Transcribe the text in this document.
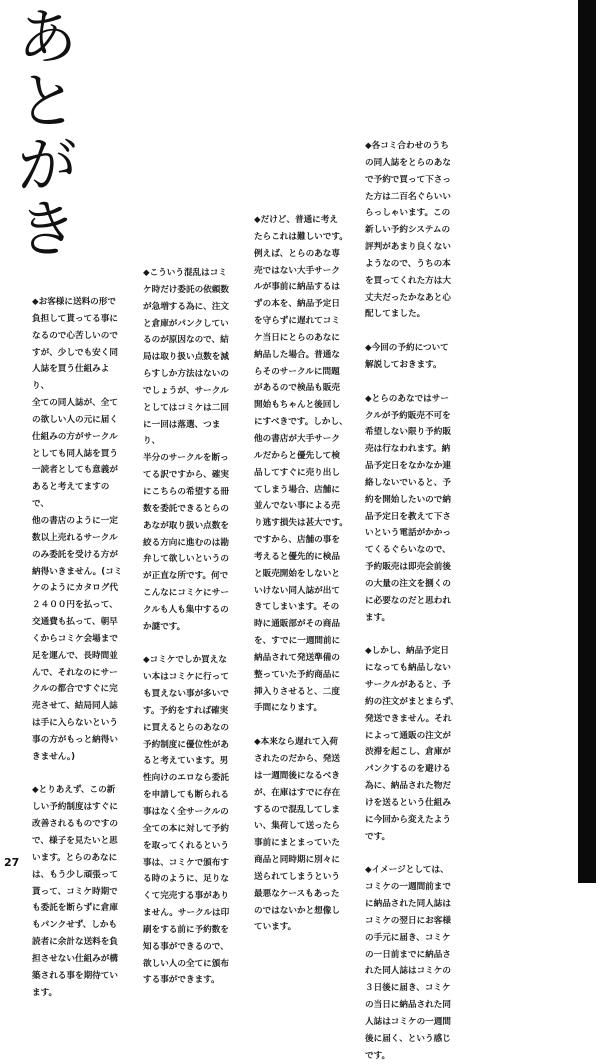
あとがき

◆お客様に送料の形で
負担して貰ってる事に
なるので心苦しいので
すが、少しでも安く同
人誌を買う仕組みより、
全ての同人誌が、全て
の欲しい人の元に届く
仕組みの方がサークル
としても同人誌を買う
一読者としても意義が
あると考えてますので、
他の書店のように一定
数以上売れるサークル
のみ委託を受ける方が
納得いきません。(コミ
ケのようにカタログ代
２４００円を払って、
交通費も払って、朝早
くからコミケ会場まで
足を運んで、長時間並
んで、それなのにサー
クルの都合ですぐに完
売させて、結局同人誌
は手に入らないという
事の方がもっと納得い
きません。)

◆とりあえず、この新
しい予約制度はすぐに
改善されるものですの
で、様子を見たいと思
います。とらのあなに
は、もう少し頑張って
貰って、コミケ時期で
も委託を断らずに倉庫
もパンクせず、しかも
読者に余計な送料を負
担させない仕組みが構
築される事を期待てい
ます。

◆こういう混乱はコミ
ケ時だけ委託の依頼数
が急増する為に、注文
と倉庫がパンクしてい
るのが原因なので、結
局は取り扱い点数を減
らすしか方法はないの
でしょうが、サークル
としてはコミケは二回
に一回は落選、つまり、
半分のサークルを断っ
てる訳ですから、確実
にこちらの希望する冊
数を委託できるとらの
あなが取り扱い点数を
絞る方向に進むのは勘
弁して欲しいというの
が正直な所です。何で
こんなにコミケにサー
クルも人も集中するの
か謎です。

◆コミケでしか買えな
い本はコミケに行って
も買えない事が多いで
す。予約をすれば確実
に買えるとらのあなの
予約制度に優位性があ
ると考えています。男
性向けのエロなら委託
を申請しても断られる
事はなく全サークルの
全ての本に対して予約
を取ってくれるという
事は、コミケで頒布す
る時のように、足りな
くて完売する事があり
ません。サークルは印
刷をする前に予約数を
知る事ができるので、
欲しい人の全てに頒布
する事ができます。

◆だけど、普通に考え
たらこれは難しいです。
例えば、とらのあな専
売ではない大手サーク
ルが事前に納品するは
ずの本を、納品予定日
を守らずに遅れてコミ
ケ当日にとらのあなに
納品した場合。普通な
らそのサークルに問題
があるので検品も販売
開始もちゃんと後回し
にすべきです。しかし、
他の書店が大手サーク
ルだからと優先して検
品してすぐに売り出し
てしまう場合、店舗に
並んでない事による売
り逃す損失は甚大です。
ですから、店舗の事を
考えると優先的に検品
と販売開始をしないと
いけない同人誌が出て
きてしまいます。その
時に通販部がその商品
を、すでに一週間前に
納品されて発送準備の
整っていた予約商品に
挿入りさせると、二度
手間になります。

◆本来なら遅れて入荷
されたのだから、発送
は一週間後になるべき
が、在庫はすでに存在
するので混乱してしま
い、集荷して送ったら
事前にまとまっていた
商品と同時期に別々に
送られてしまうという
最悪なケースもあった
のではないかと想像し
ています。

◆各コミ合わせのうち
の同人誌をとらのあな
で予約で買って下さっ
た方は二百名ぐらいい
らっしゃいます。この
新しい予約システムの
評判があまり良くない
ようなので、うちの本
を買ってくれた方は大
丈夫だったかなあと心
配してました。

◆今回の予約について
解説しておきます。

◆とらのあなではサー
クルが予約販売不可を
希望しない限り予約販
売は行なわれます。納
品予定日をなかなか連
絡しないでいると、予
約を開始したいので納
品予定日を教えて下さ
いという電話がかかっ
てくるぐらいなので、
予約販売は即売会前後
の大量の注文を捌くの
に必要なのだと思われ
ます。

◆しかし、納品予定日
になっても納品しない
サークルがあると、予
約の注文がまとまらず、
発送できません。それ
によって通販の注文が
渋滞を起こし、倉庫が
パンクするのを避ける
為に、納品された物だ
けを送るという仕組み
に今回から変えたよう
です。

◆イメージとしては、
コミケの一週間前まで
に納品された同人誌は
コミケの翌日にお客様
の手元に届き、コミケ
の一日前までに納品さ
れた同人誌はコミケの
３日後に届き、コミケ
の当日に納品された同
人誌はコミケの一週間
後に届く、という感じ
です。

27
